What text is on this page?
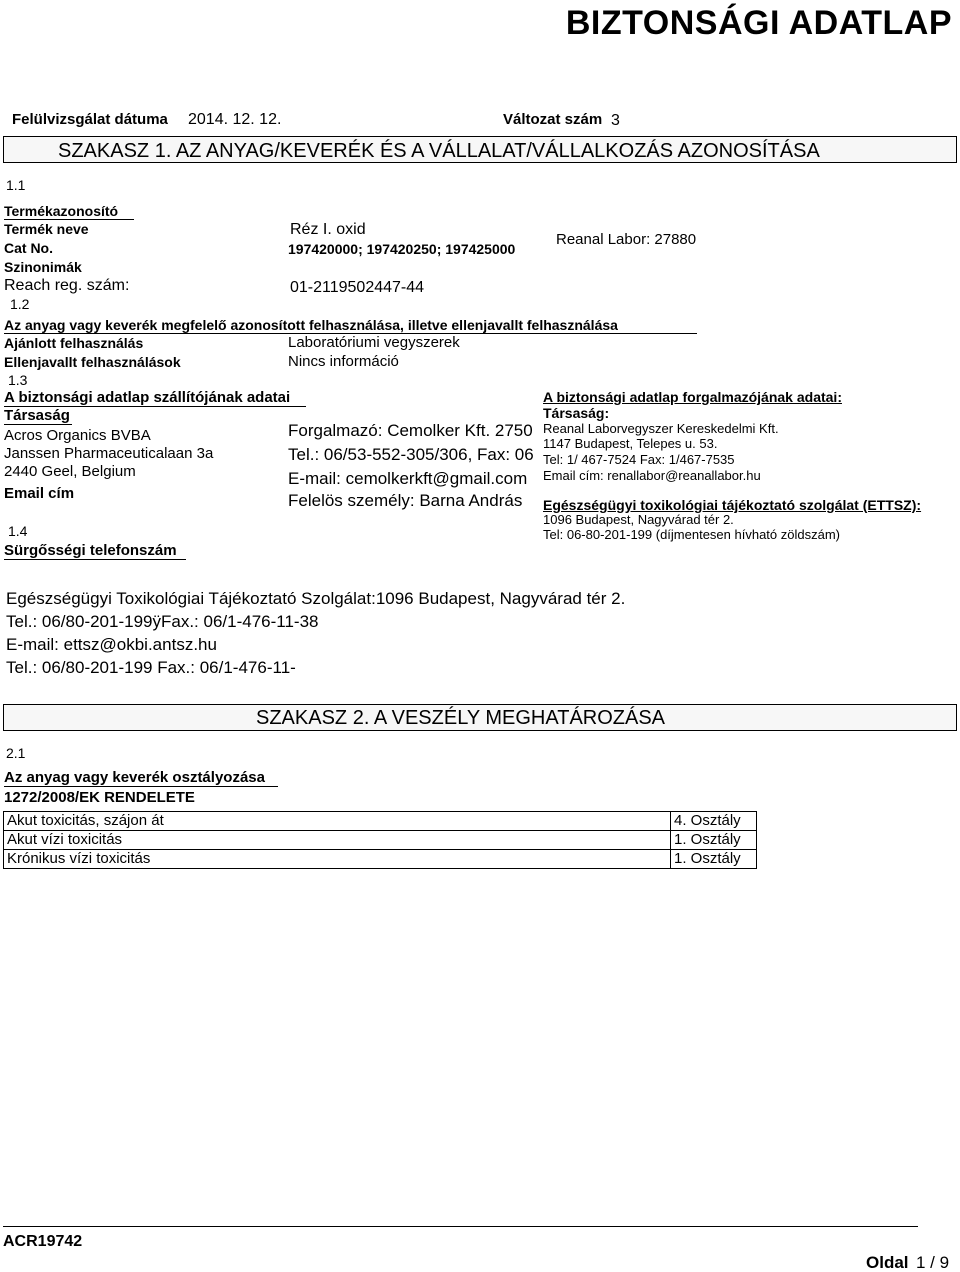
BIZTONSÁGI ADATLAP
Felülvizsgálat dátuma 2014. 12. 12.	Változat szám 3
SZAKASZ 1. AZ ANYAG/KEVERÉK ÉS A VÁLLALAT/VÁLLALKOZÁS AZONOSÍTÁSA
1.1
Termékazonosító
Termék neve	Réz I. oxid
Cat No.	197420000; 197420250; 197425000
Reanal Labor: 27880
Szinonimák
Reach reg. szám:	01-2119502447-44
1.2
Az anyag vagy keverék megfelelő azonosított felhasználása, illetve ellenjavallt felhasználása
Ajánlott felhasználás	Laboratóriumi vegyszerek
Ellenjavallt felhasználások	Nincs információ
1.3
A biztonsági adatlap szállítójának adatai
Társaság
Acros Organics BVBA
Janssen Pharmaceuticalaan 3a
2440 Geel, Belgium
Email cím
Forgalmazó: Cemolker Kft. 2750
Tel.: 06/53-552-305/306, Fax: 06
E-mail: cemolkerkft@gmail.com
Felelös személy: Barna András
A biztonsági adatlap forgalmazójának adatai:
Társaság:
Reanal Laborvegyszer Kereskedelmi Kft.
1147 Budapest, Telepes u. 53.
Tel: 1/ 467-7524 Fax: 1/467-7535
Email cím: renallabor@reanallabor.hu
Egészségügyi toxikológiai tájékoztató szolgálat (ETTSZ):
1096 Budapest, Nagyvárad tér 2.
Tel: 06-80-201-199 (díjmentesen hívható zöldszám)
1.4
Sürgősségi telefonszám
Egészségügyi Toxikológiai Tájékoztató Szolgálat:1096 Budapest, Nagyvárad tér 2.
Tel.: 06/80-201-199ÿFax.: 06/1-476-11-38
E-mail: ettsz@okbi.antsz.hu
Tel.: 06/80-201-199 Fax.: 06/1-476-11-
SZAKASZ 2. A VESZÉLY MEGHATÁROZÁSA
2.1
Az anyag vagy keverék osztályozása
1272/2008/EK RENDELETE
Akut toxicitás, szájon át	4. Osztály
Akut vízi toxicitás	1. Osztály
Krónikus vízi toxicitás	1. Osztály
ACR19742
Oldal 1 / 9
